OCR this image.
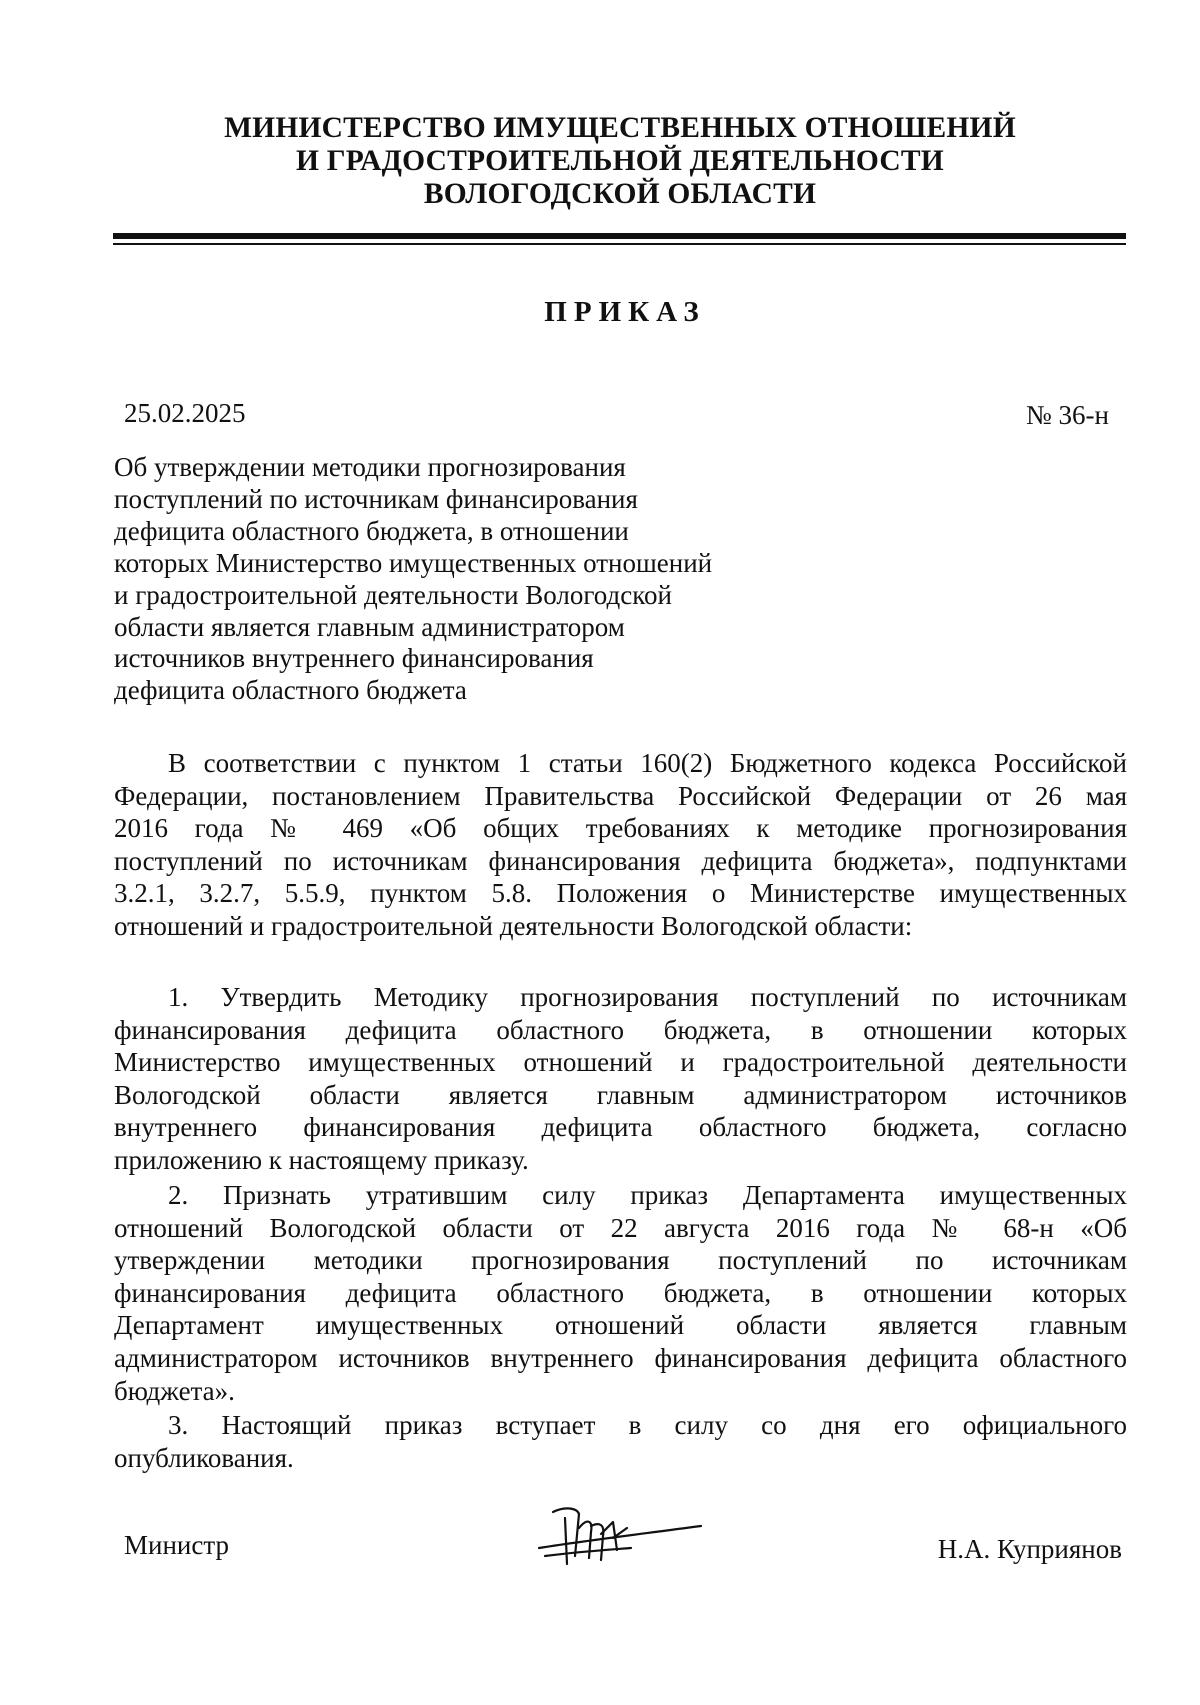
МИНИСТЕРСТВО ИМУЩЕСТВЕННЫХ ОТНОШЕНИЙ
И ГРАДОСТРОИТЕЛЬНОЙ ДЕЯТЕЛЬНОСТИ
ВОЛОГОДСКОЙ ОБЛАСТИ
ПРИКАЗ
25.02.2025	№ 36-н
Об утверждении методики прогнозирования
поступлений по источникам финансирования
дефицита областного бюджета, в отношении
которых Министерство имущественных отношений
и градостроительной деятельности Вологодской
области является главным администратором
источников внутреннего финансирования
дефицита областного бюджета
В соответствии с пунктом 1 статьи 160(2) Бюджетного кодекса Российской
Федерации, постановлением Правительства Российской Федерации от 26 мая
2016 года № 469 «Об общих требованиях к методике прогнозирования
поступлений по источникам финансирования дефицита бюджета», подпунктами
3.2.1, 3.2.7, 5.5.9, пунктом 5.8. Положения о Министерстве имущественных
отношений и градостроительной деятельности Вологодской области:
1. Утвердить Методику прогнозирования поступлений по источникам
финансирования дефицита областного бюджета, в отношении которых
Министерство имущественных отношений и градостроительной деятельности
Вологодской области является главным администратором источников
внутреннего финансирования дефицита областного бюджета, согласно
приложению к настоящему приказу.
2. Признать утратившим силу приказ Департамента имущественных
отношений Вологодской области от 22 августа 2016 года № 68-н «Об
утверждении методики прогнозирования поступлений по источникам
финансирования дефицита областного бюджета, в отношении которых
Департамент имущественных отношений области является главным
администратором источников внутреннего финансирования дефицита областного
бюджета».
3. Настоящий приказ вступает в силу со дня его официального
опубликования.
Министр	Н.А. Куприянов
